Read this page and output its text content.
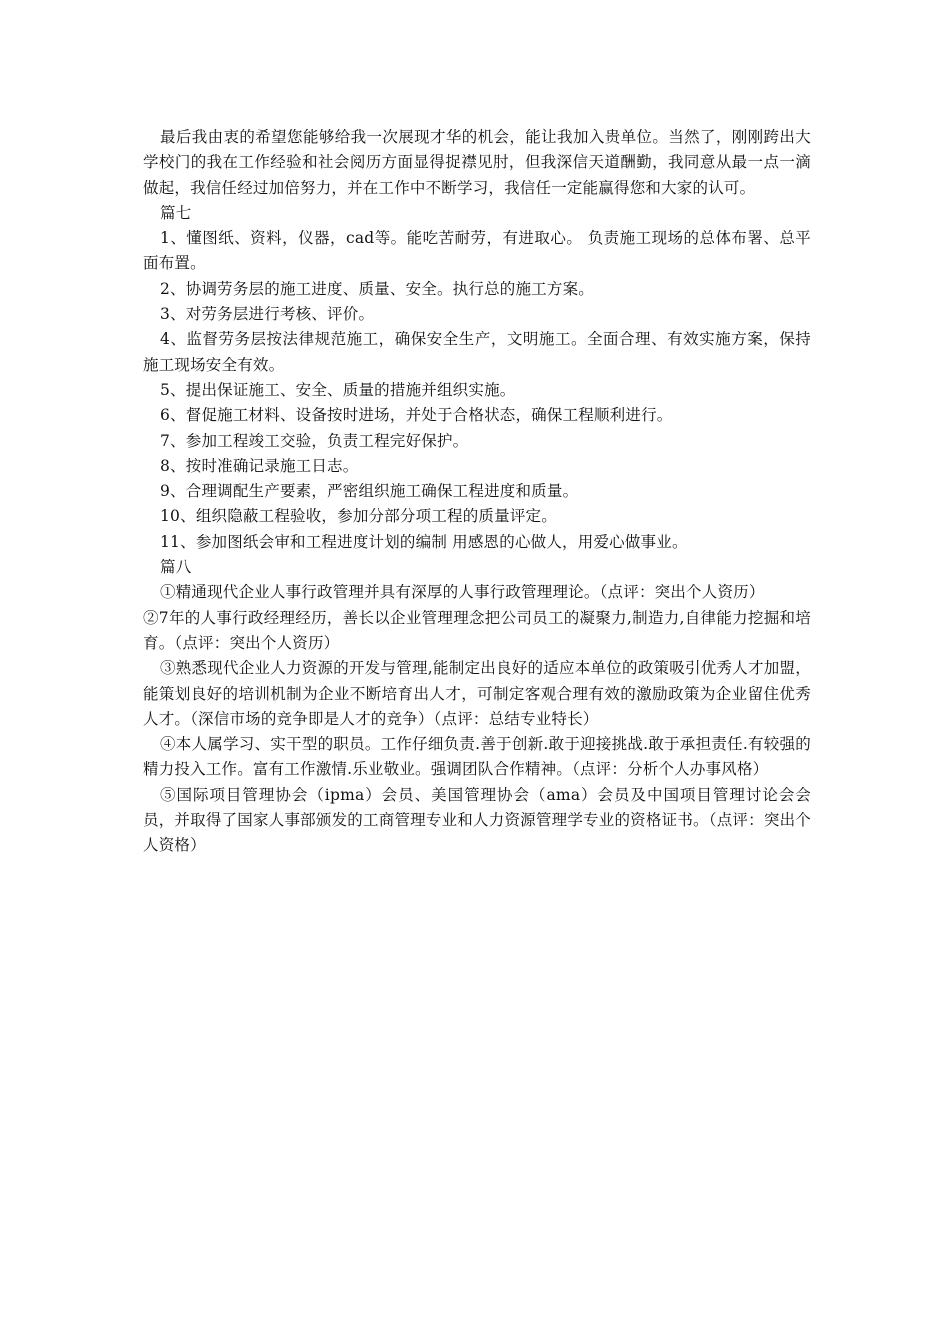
最后我由衷的希望您能够给我一次展现才华的机会，能让我加入贵单位。当然了，刚刚跨出大学校门的我在工作经验和社会阅历方面显得捉襟见肘，但我深信天道酬勤，我同意从最一点一滴做起，我信任经过加倍努力，并在工作中不断学习，我信任一定能赢得您和大家的认可。

篇七

1、懂图纸、资料，仪器，cad等。能吃苦耐劳，有进取心。 负责施工现场的总体布署、总平面布置。

2、协调劳务层的施工进度、质量、安全。执行总的施工方案。

3、对劳务层进行考核、评价。

4、监督劳务层按法律规范施工，确保安全生产，文明施工。全面合理、有效实施方案，保持施工现场安全有效。

5、提出保证施工、安全、质量的措施并组织实施。

6、督促施工材料、设备按时进场，并处于合格状态，确保工程顺利进行。

7、参加工程竣工交验，负责工程完好保护。

8、按时准确记录施工日志。

9、合理调配生产要素，严密组织施工确保工程进度和质量。

10、组织隐蔽工程验收，参加分部分项工程的质量评定。

11、参加图纸会审和工程进度计划的编制 用感恩的心做人，用爱心做事业。

篇八

①精通现代企业人事行政管理并具有深厚的人事行政管理理论。（点评：突出个人资历）

②7年的人事行政经理经历，善长以企业管理理念把公司员工的凝聚力,制造力,自律能力挖掘和培育。（点评：突出个人资历）

③熟悉现代企业人力资源的开发与管理,能制定出良好的适应本单位的政策吸引优秀人才加盟，能策划良好的培训机制为企业不断培育出人才，可制定客观合理有效的激励政策为企业留住优秀人才。（深信市场的竞争即是人才的竞争）（点评：总结专业特长）

④本人属学习、实干型的职员。工作仔细负责.善于创新.敢于迎接挑战.敢于承担责任.有较强的精力投入工作。富有工作激情.乐业敬业。强调团队合作精神。（点评：分析个人办事风格）

⑤国际项目管理协会（ipma）会员、美国管理协会（ama）会员及中国项目管理讨论会会员，并取得了国家人事部颁发的工商管理专业和人力资源管理学专业的资格证书。（点评：突出个人资格）
